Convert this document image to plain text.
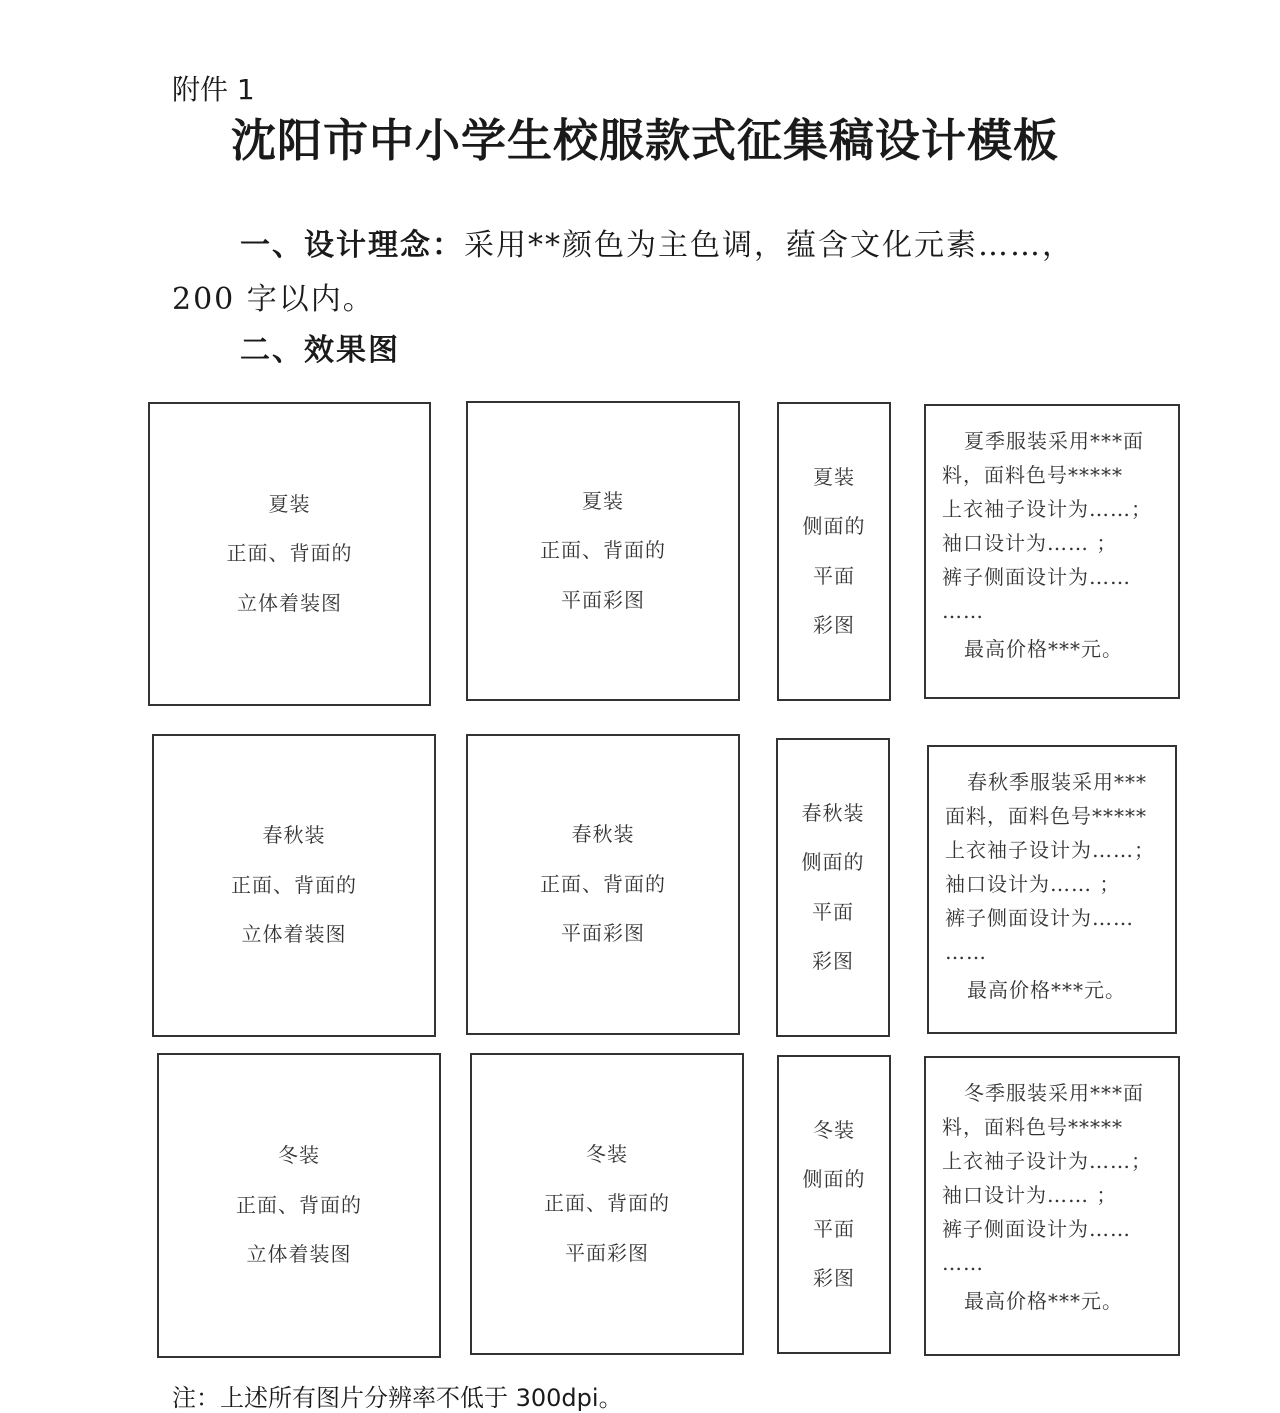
附件 1
沈阳市中小学生校服款式征集稿设计模板
一、设计理念：采用**颜色为主色调，蕴含文化元素……，
200 字以内。
二、效果图
夏装
正面、背面的
立体着装图
夏装
正面、背面的
平面彩图
夏装
侧面的
平面
彩图
夏季服装采用***面
料，面料色号*****
上衣袖子设计为……；
袖口设计为…… ；
裤子侧面设计为……
……
最高价格***元。
春秋装
正面、背面的
立体着装图
春秋装
正面、背面的
平面彩图
春秋装
侧面的
平面
彩图
春秋季服装采用***
面料，面料色号*****
上衣袖子设计为……；
袖口设计为…… ；
裤子侧面设计为……
……
最高价格***元。
冬装
正面、背面的
立体着装图
冬装
正面、背面的
平面彩图
冬装
侧面的
平面
彩图
冬季服装采用***面
料，面料色号*****
上衣袖子设计为……；
袖口设计为…… ；
裤子侧面设计为……
……
最高价格***元。
注：上述所有图片分辨率不低于 300dpi。
